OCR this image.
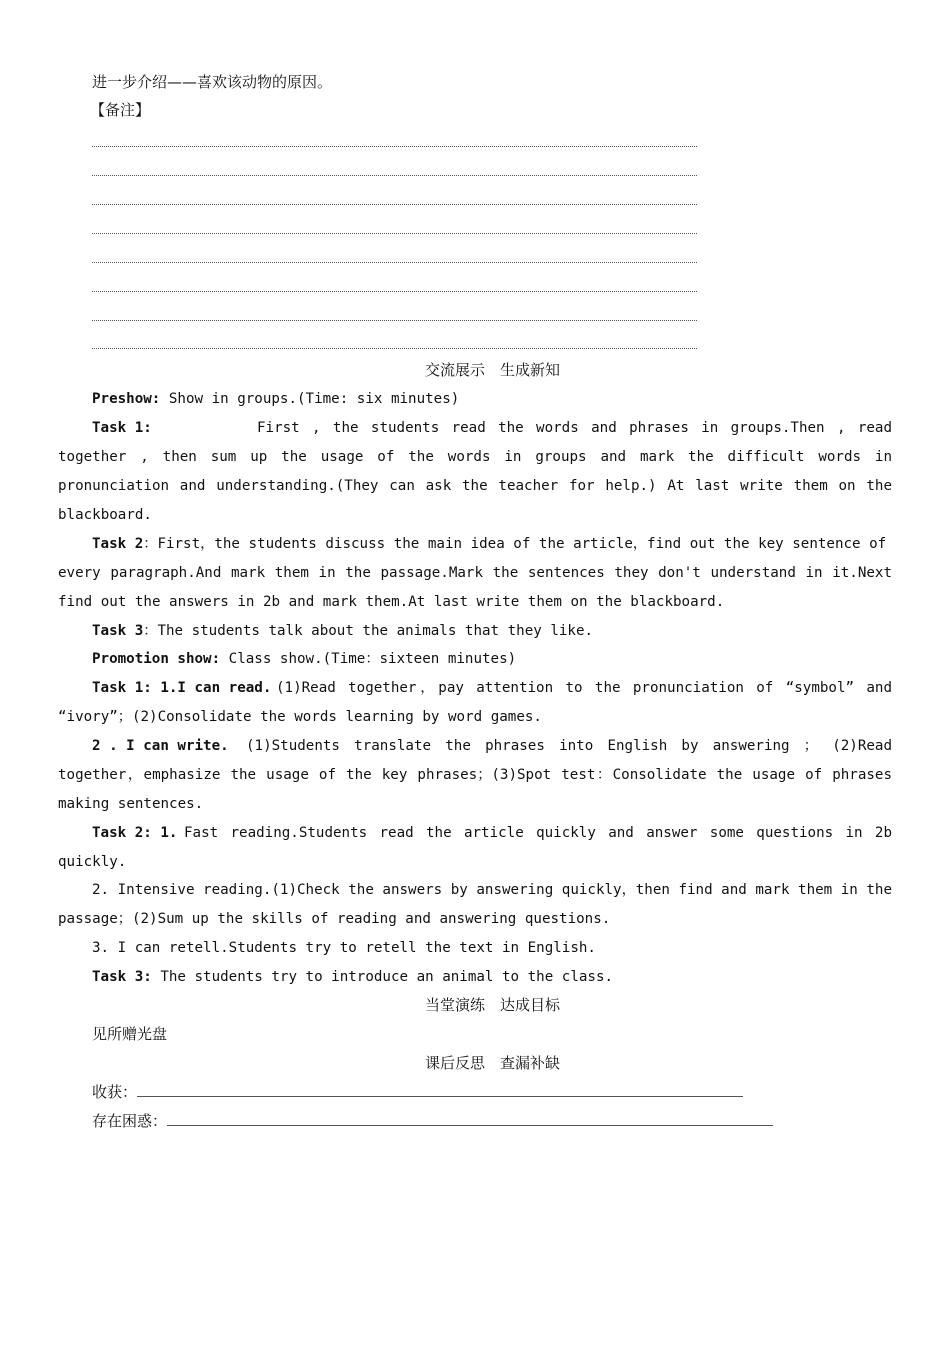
进一步介绍——喜欢该动物的原因。
【备注】
交流展示　生成新知
Preshow: Show in groups.(Time: six minutes)
Task 1:	First , the students read the words and phrases in groups.Then , read
together , then sum up the usage of the words in groups and mark the difficult words in
pronunciation and understanding.(They can ask the teacher for help.) At last write them on the
blackboard.
Task 2：First，the students discuss the main idea of the article，find out the key sentence of
every paragraph.And mark them in the passage.Mark the sentences they don't understand in it.Next
find out the answers in 2b and mark them.At last write them on the blackboard.
Task 3：The students talk about the animals that they like.
Promotion show: Class show.(Time：sixteen minutes)
Task 1: 1.I can read. (1)Read together，pay attention to the pronunciation of “symbol” and
“ivory”；(2)Consolidate the words learning by word games.
2 . I can write. (1)Students translate the phrases into English by answering ； (2)Read
together，emphasize the usage of the key phrases；(3)Spot test：Consolidate the usage of phrases
making sentences.
Task 2: 1. Fast reading.Students read the article quickly and answer some questions in 2b
quickly.
2. Intensive reading.(1)Check the answers by answering quickly，then find and mark them in the
passage；(2)Sum up the skills of reading and answering questions.
3. I can retell.Students try to retell the text in English.
Task 3: The students try to introduce an animal to the class.
当堂演练　达成目标
见所赠光盘
课后反思　查漏补缺
收获：
存在困惑：
